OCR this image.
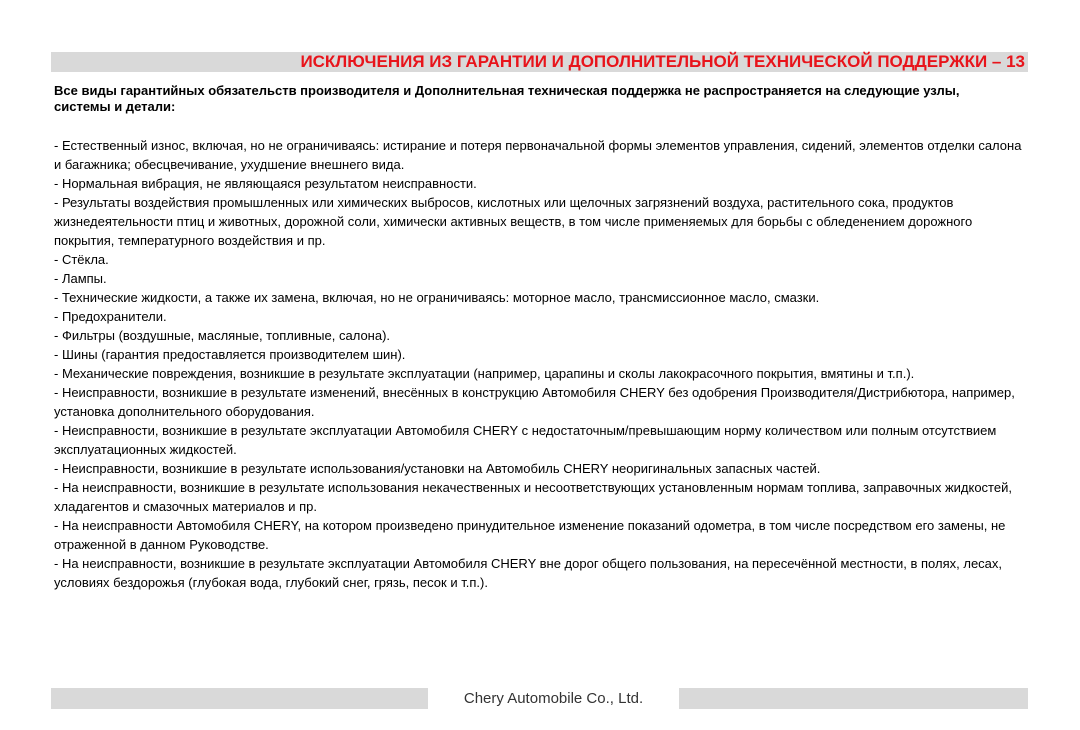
ИСКЛЮЧЕНИЯ ИЗ ГАРАНТИИ И ДОПОЛНИТЕЛЬНОЙ ТЕХНИЧЕСКОЙ ПОДДЕРЖКИ – 13
Все виды гарантийных обязательств производителя и Дополнительная техническая поддержка не распространяется на следующие узлы, системы и детали:
- Естественный износ, включая, но не ограничиваясь: истирание и потеря первоначальной формы элементов управления, сидений, элементов отделки салона и багажника; обесцвечивание, ухудшение внешнего вида.
- Нормальная вибрация, не являющаяся результатом неисправности.
- Результаты воздействия промышленных или химических выбросов, кислотных или щелочных загрязнений воздуха, растительного сока, продуктов жизнедеятельности птиц и животных, дорожной соли, химически активных веществ, в том числе применяемых для борьбы с обледенением дорожного покрытия, температурного воздействия и пр.
- Стёкла.
- Лампы.
- Технические жидкости, а также их замена, включая, но не ограничиваясь: моторное масло, трансмиссионное масло, смазки.
- Предохранители.
- Фильтры (воздушные, масляные, топливные, салона).
- Шины (гарантия предоставляется производителем шин).
- Механические повреждения, возникшие в результате эксплуатации (например, царапины и сколы лакокрасочного покрытия, вмятины и т.п.).
- Неисправности, возникшие в результате изменений, внесённых в конструкцию Автомобиля CHERY без одобрения Производителя/Дистрибютора, например, установка дополнительного оборудования.
- Неисправности, возникшие в результате эксплуатации Автомобиля CHERY с недостаточным/превышающим норму количеством или полным отсутствием эксплуатационных жидкостей.
- Неисправности, возникшие в результате использования/установки на Автомобиль CHERY неоригинальных запасных частей.
- На неисправности, возникшие в результате использования некачественных и несоответствующих установленным нормам топлива, заправочных жидкостей, хладагентов и смазочных материалов и пр.
- На неисправности Автомобиля CHERY, на котором произведено принудительное изменение показаний одометра, в том числе посредством его замены, не отраженной в данном Руководстве.
- На неисправности, возникшие в результате эксплуатации Автомобиля CHERY вне дорог общего пользования, на пересечённой местности, в полях, лесах, условиях бездорожья (глубокая вода, глубокий снег, грязь, песок и т.п.).
Chery Automobile Co., Ltd.
